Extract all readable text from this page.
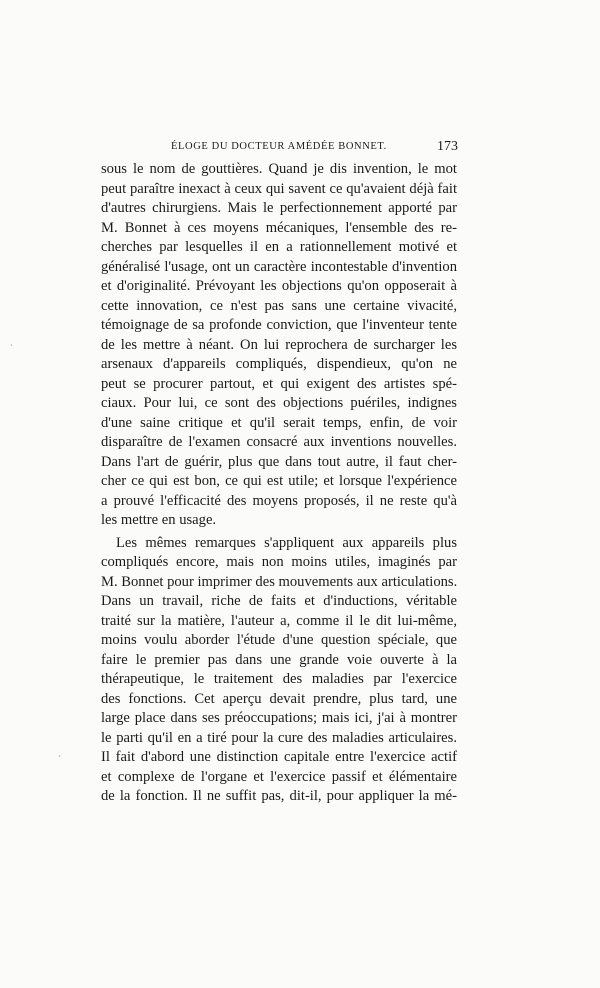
ÉLOGE DU DOCTEUR AMÉDÉE BONNET.	173
sous le nom de gouttières. Quand je dis invention, le mot
peut paraître inexact à ceux qui savent ce qu'avaient déjà fait
d'autres chirurgiens. Mais le perfectionnement apporté par
M. Bonnet à ces moyens mécaniques, l'ensemble des re-
cherches par lesquelles il en a rationnellement motivé et
généralisé l'usage, ont un caractère incontestable d'invention
et d'originalité. Prévoyant les objections qu'on opposerait à
cette innovation, ce n'est pas sans une certaine vivacité,
témoignage de sa profonde conviction, que l'inventeur tente
de les mettre à néant. On lui reprochera de surcharger les
arsenaux d'appareils compliqués, dispendieux, qu'on ne
peut se procurer partout, et qui exigent des artistes spé-
ciaux. Pour lui, ce sont des objections puériles, indignes
d'une saine critique et qu'il serait temps, enfin, de voir
disparaître de l'examen consacré aux inventions nouvelles.
Dans l'art de guérir, plus que dans tout autre, il faut cher-
cher ce qui est bon, ce qui est utile; et lorsque l'expérience
a prouvé l'efficacité des moyens proposés, il ne reste qu'à
les mettre en usage.
Les mêmes remarques s'appliquent aux appareils plus
compliqués encore, mais non moins utiles, imaginés par
M. Bonnet pour imprimer des mouvements aux articulations.
Dans un travail, riche de faits et d'inductions, véritable
traité sur la matière, l'auteur a, comme il le dit lui-même,
moins voulu aborder l'étude d'une question spéciale, que
faire le premier pas dans une grande voie ouverte à la
thérapeutique, le traitement des maladies par l'exercice
des fonctions. Cet aperçu devait prendre, plus tard, une
large place dans ses préoccupations; mais ici, j'ai à montrer
le parti qu'il en a tiré pour la cure des maladies articulaires.
Il fait d'abord une distinction capitale entre l'exercice actif
et complexe de l'organe et l'exercice passif et élémentaire
de la fonction. Il ne suffit pas, dit-il, pour appliquer la mé-
ˋ
ˊ
